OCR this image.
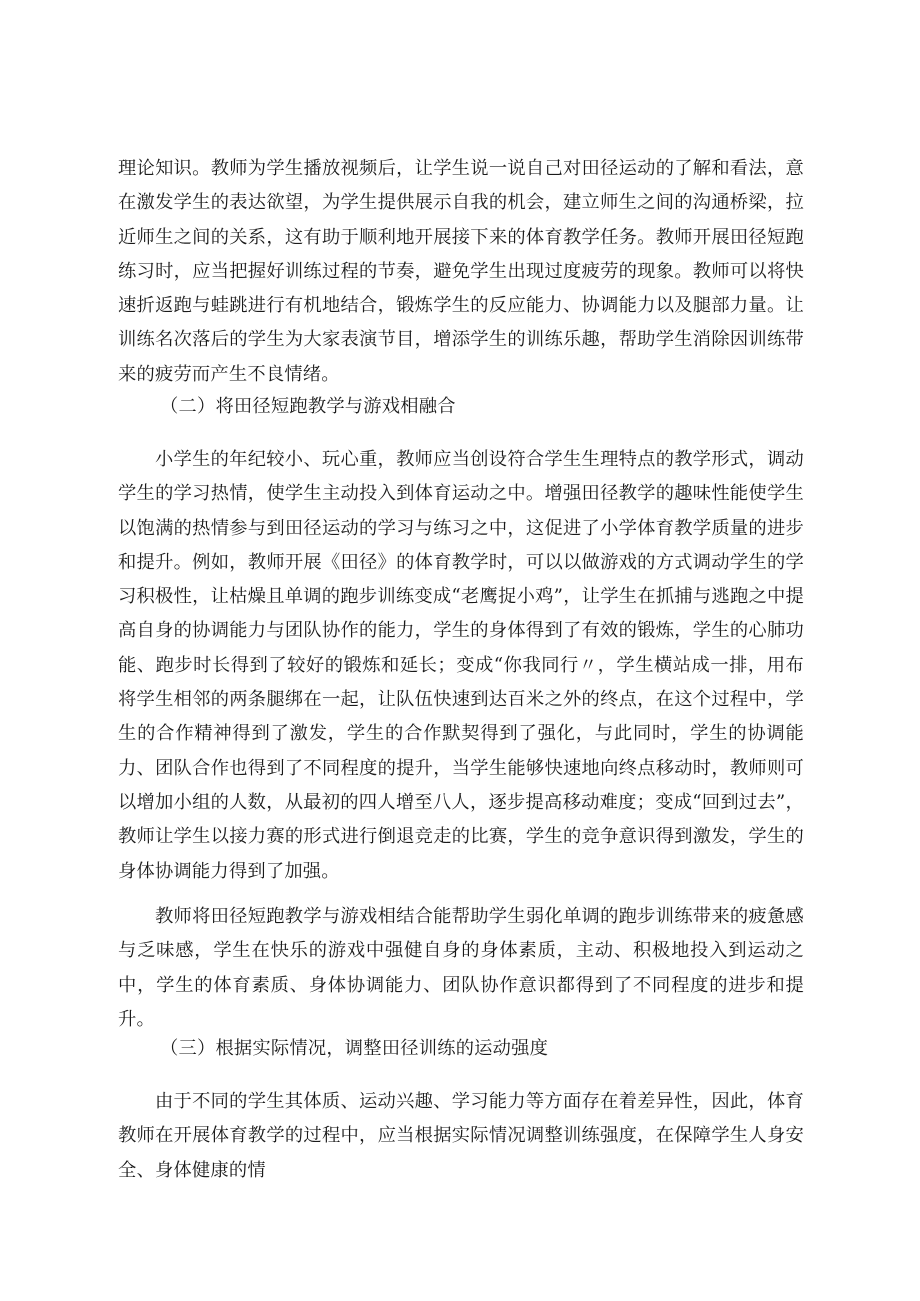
理论知识。教师为学生播放视频后，让学生说一说自己对田径运动的了解和看法，意在激发学生的表达欲望，为学生提供展示自我的机会，建立师生之间的沟通桥梁，拉近师生之间的关系，这有助于顺利地开展接下来的体育教学任务。教师开展田径短跑练习时，应当把握好训练过程的节奏，避免学生出现过度疲劳的现象。教师可以将快速折返跑与蛙跳进行有机地结合，锻炼学生的反应能力、协调能力以及腿部力量。让训练名次落后的学生为大家表演节目，增添学生的训练乐趣，帮助学生消除因训练带来的疲劳而产生不良情绪。

（二）将田径短跑教学与游戏相融合

小学生的年纪较小、玩心重，教师应当创设符合学生生理特点的教学形式，调动学生的学习热情，使学生主动投入到体育运动之中。增强田径教学的趣味性能使学生以饱满的热情参与到田径运动的学习与练习之中，这促进了小学体育教学质量的进步和提升。例如，教师开展《田径》的体育教学时，可以以做游戏的方式调动学生的学习积极性，让枯燥且单调的跑步训练变成“老鹰捉小鸡”，让学生在抓捕与逃跑之中提高自身的协调能力与团队协作的能力，学生的身体得到了有效的锻炼，学生的心肺功能、跑步时长得到了较好的锻炼和延长；变成“你我同行〃，学生横站成一排，用布将学生相邻的两条腿绑在一起，让队伍快速到达百米之外的终点，在这个过程中，学生的合作精神得到了激发，学生的合作默契得到了强化，与此同时，学生的协调能力、团队合作也得到了不同程度的提升，当学生能够快速地向终点移动时，教师则可以增加小组的人数，从最初的四人增至八人，逐步提高移动难度；变成“回到过去”，教师让学生以接力赛的形式进行倒退竞走的比赛，学生的竞争意识得到激发，学生的身体协调能力得到了加强。

教师将田径短跑教学与游戏相结合能帮助学生弱化单调的跑步训练带来的疲惫感与乏味感，学生在快乐的游戏中强健自身的身体素质，主动、积极地投入到运动之中，学生的体育素质、身体协调能力、团队协作意识都得到了不同程度的进步和提升。

（三）根据实际情况，调整田径训练的运动强度

由于不同的学生其体质、运动兴趣、学习能力等方面存在着差异性，因此，体育教师在开展体育教学的过程中，应当根据实际情况调整训练强度，在保障学生人身安全、身体健康的情
